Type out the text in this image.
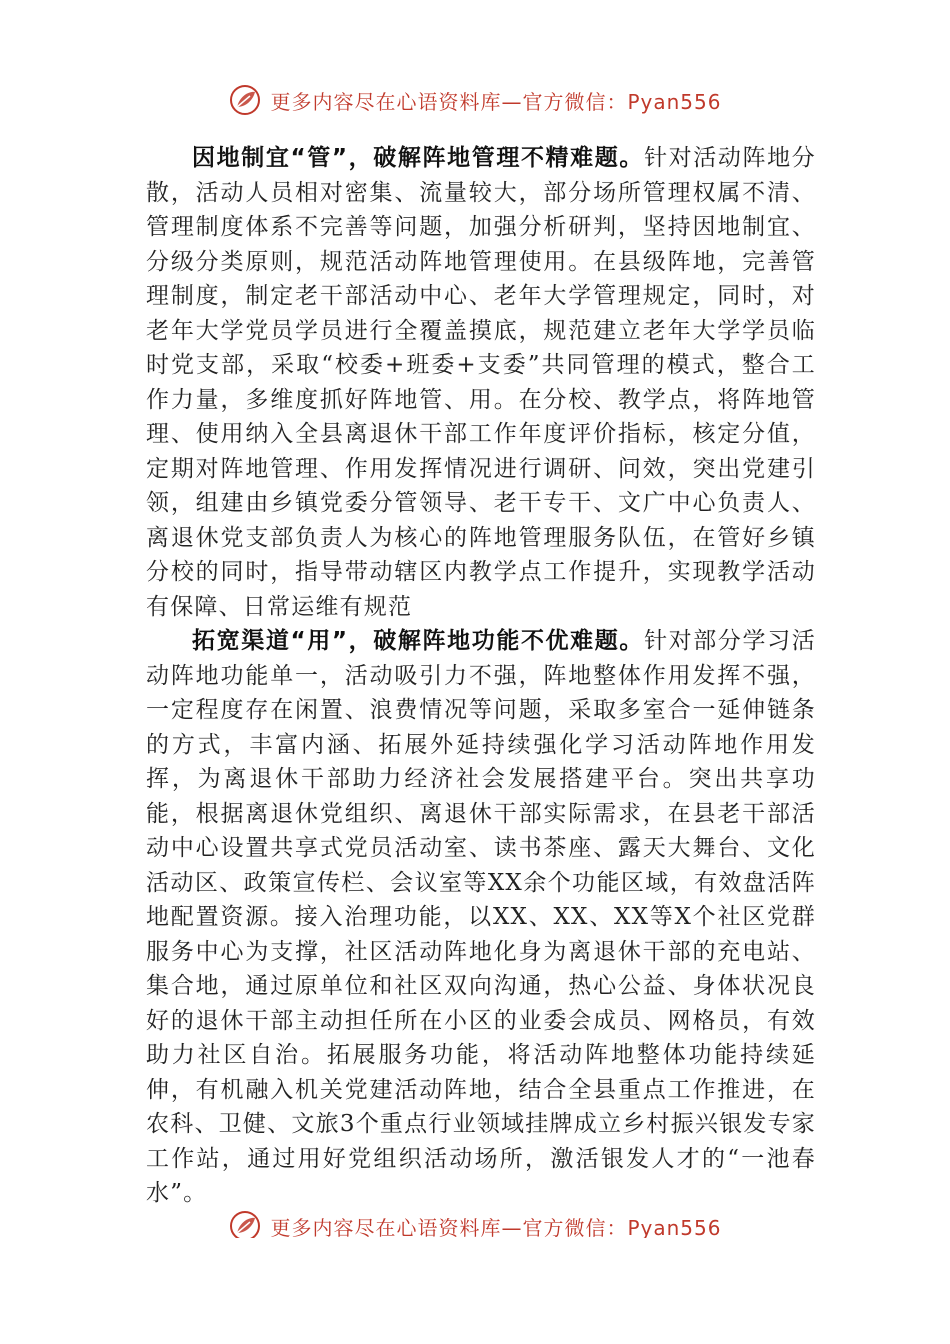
更多内容尽在心语资料库—官方微信：Pyan556

因地制宜“管”，破解阵地管理不精难题。针对活动阵地分散，活动人员相对密集、流量较大，部分场所管理权属不清、管理制度体系不完善等问题，加强分析研判，坚持因地制宜、分级分类原则，规范活动阵地管理使用。在县级阵地，完善管理制度，制定老干部活动中心、老年大学管理规定，同时，对老年大学党员学员进行全覆盖摸底，规范建立老年大学学员临时党支部，采取“校委+班委+支委”共同管理的模式，整合工作力量，多维度抓好阵地管、用。在分校、教学点，将阵地管理、使用纳入全县离退休干部工作年度评价指标，核定分值，定期对阵地管理、作用发挥情况进行调研、问效，突出党建引领，组建由乡镇党委分管领导、老干专干、文广中心负责人、离退休党支部负责人为核心的阵地管理服务队伍，在管好乡镇分校的同时，指导带动辖区内教学点工作提升，实现教学活动有保障、日常运维有规范

拓宽渠道“用”，破解阵地功能不优难题。针对部分学习活动阵地功能单一，活动吸引力不强，阵地整体作用发挥不强，一定程度存在闲置、浪费情况等问题，采取多室合一延伸链条的方式，丰富内涵、拓展外延持续强化学习活动阵地作用发挥，为离退休干部助力经济社会发展搭建平台。突出共享功能，根据离退休党组织、离退休干部实际需求，在县老干部活动中心设置共享式党员活动室、读书茶座、露天大舞台、文化活动区、政策宣传栏、会议室等XX余个功能区域，有效盘活阵地配置资源。接入治理功能，以XX、XX、XX等X个社区党群服务中心为支撑，社区活动阵地化身为离退休干部的充电站、集合地，通过原单位和社区双向沟通，热心公益、身体状况良好的退休干部主动担任所在小区的业委会成员、网格员，有效助力社区自治。拓展服务功能，将活动阵地整体功能持续延伸，有机融入机关党建活动阵地，结合全县重点工作推进，在农科、卫健、文旅3个重点行业领域挂牌成立乡村振兴银发专家工作站，通过用好党组织活动场所，激活银发人才的“一池春水”。

更多内容尽在心语资料库—官方微信：Pyan556
